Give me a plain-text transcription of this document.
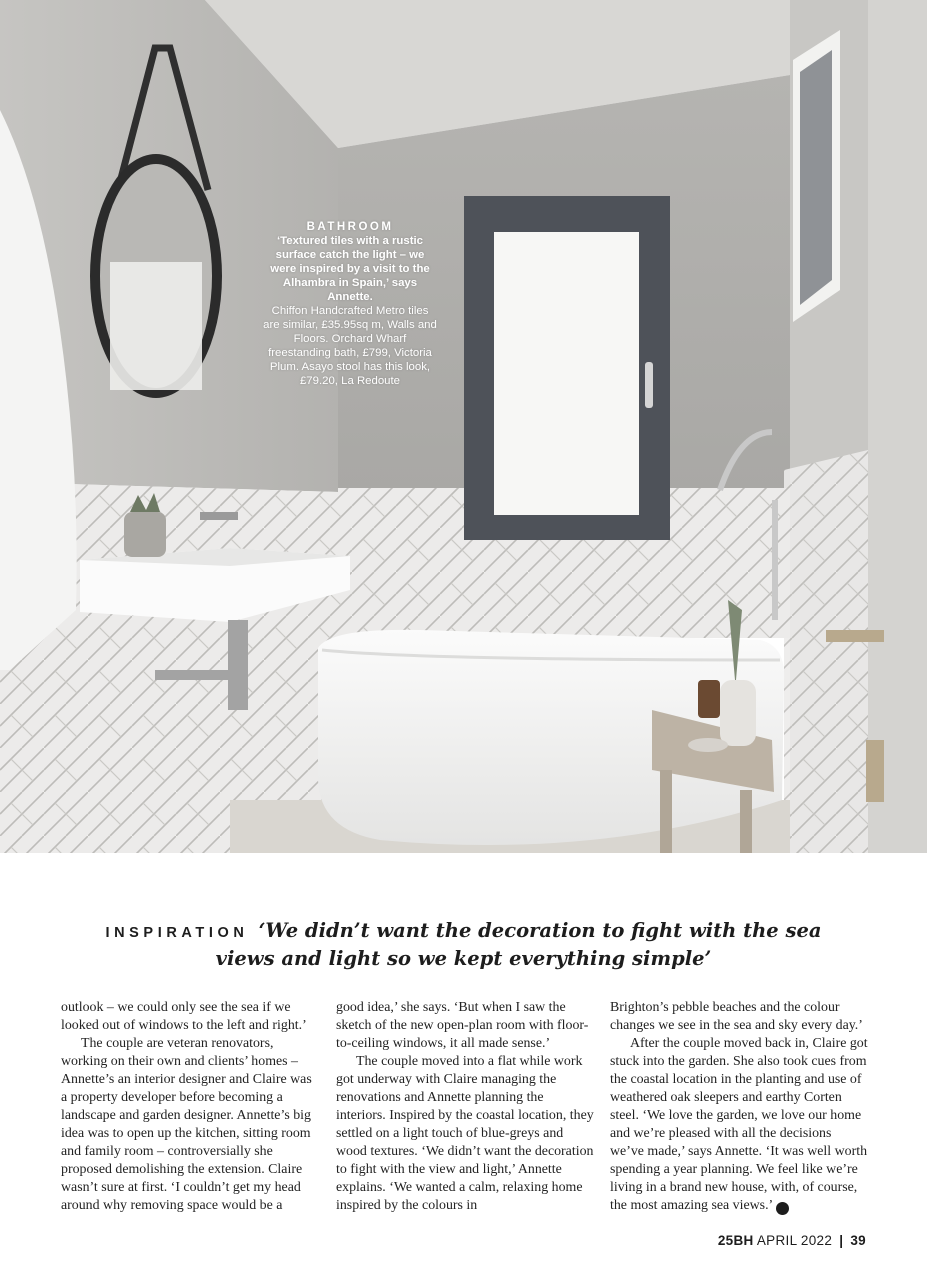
BATHROOM
‘Textured tiles with a rustic surface catch the light – we were inspired by a visit to the Alhambra in Spain,’ says Annette.
Chiffon Handcrafted Metro tiles are similar, £35.95sq m, Walls and Floors. Orchard Wharf freestanding bath, £799, Victoria Plum. Asayo stool has this look, £79.20, La Redoute
INSPIRATION ‘We didn’t want the decoration to fight with the sea views and light so we kept everything simple’

outlook – we could only see the sea if we looked out of windows to the left and right.’

The couple are veteran renovators, working on their own and clients’ homes – Annette’s an interior designer and Claire was a property developer before becoming a landscape and garden designer. Annette’s big idea was to open up the kitchen, sitting room and family room – controversially she proposed demolishing the extension. Claire wasn’t sure at first. ‘I couldn’t get my head around why removing space would be a

good idea,’ she says. ‘But when I saw the sketch of the new open-plan room with floor-to-ceiling windows, it all made sense.’

The couple moved into a flat while work got underway with Claire managing the renovations and Annette planning the interiors. Inspired by the coastal location, they settled on a light touch of blue-greys and wood textures. ‘We didn’t want the decoration to fight with the view and light,’ Annette explains. ‘We wanted a calm, relaxing home inspired by the colours in

Brighton’s pebble beaches and the colour changes we see in the sea and sky every day.’

After the couple moved back in, Claire got stuck into the garden. She also took cues from the coastal location in the planting and use of weathered oak sleepers and earthy Corten steel. ‘We love the garden, we love our home and we’re pleased with all the decisions we’ve made,’ says Annette. ‘It was well worth spending a year planning. We feel like we’re living in a brand new house, with, of course, the most amazing sea views.’	25

25BH APRIL 2022 | 39
